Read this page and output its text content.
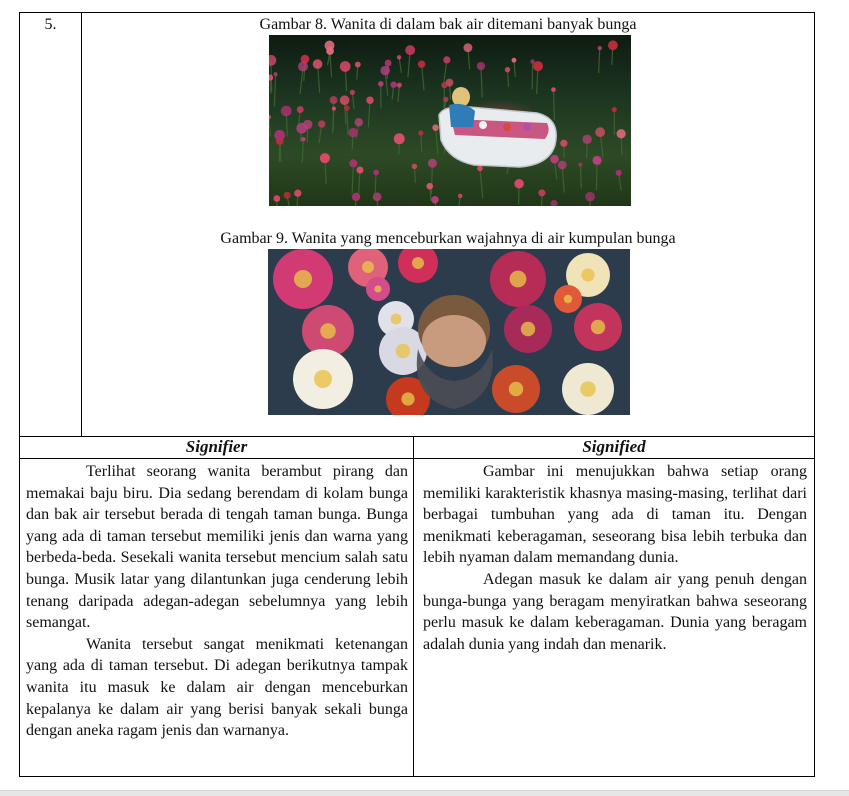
5.	Gambar 8. Wanita di dalam bak air ditemani banyak bunga
Gambar 9. Wanita yang menceburkan wajahnya di air kumpulan bunga
Signifier	Signified

Terlihat seorang wanita berambut pirang dan memakai baju biru. Dia sedang berendam di kolam bunga dan bak air tersebut berada di tengah taman bunga. Bunga yang ada di taman tersebut memiliki jenis dan warna yang berbeda-beda. Sesekali wanita tersebut mencium salah satu bunga. Musik latar yang dilantunkan juga cenderung lebih tenang daripada adegan-adegan sebelumnya yang lebih semangat.

Wanita tersebut sangat menikmati ketenangan yang ada di taman tersebut. Di adegan berikutnya tampak wanita itu masuk ke dalam air dengan menceburkan kepalanya ke dalam air yang berisi banyak sekali bunga dengan aneka ragam jenis dan warnanya.

Gambar ini menujukkan bahwa setiap orang memiliki karakteristik khasnya masing-masing, terlihat dari berbagai tumbuhan yang ada di taman itu. Dengan menikmati keberagaman, seseorang bisa lebih terbuka dan lebih nyaman dalam memandang dunia.

Adegan masuk ke dalam air yang penuh dengan bunga-bunga yang beragam menyiratkan bahwa seseorang perlu masuk ke dalam keberagaman. Dunia yang beragam adalah dunia yang indah dan menarik.
